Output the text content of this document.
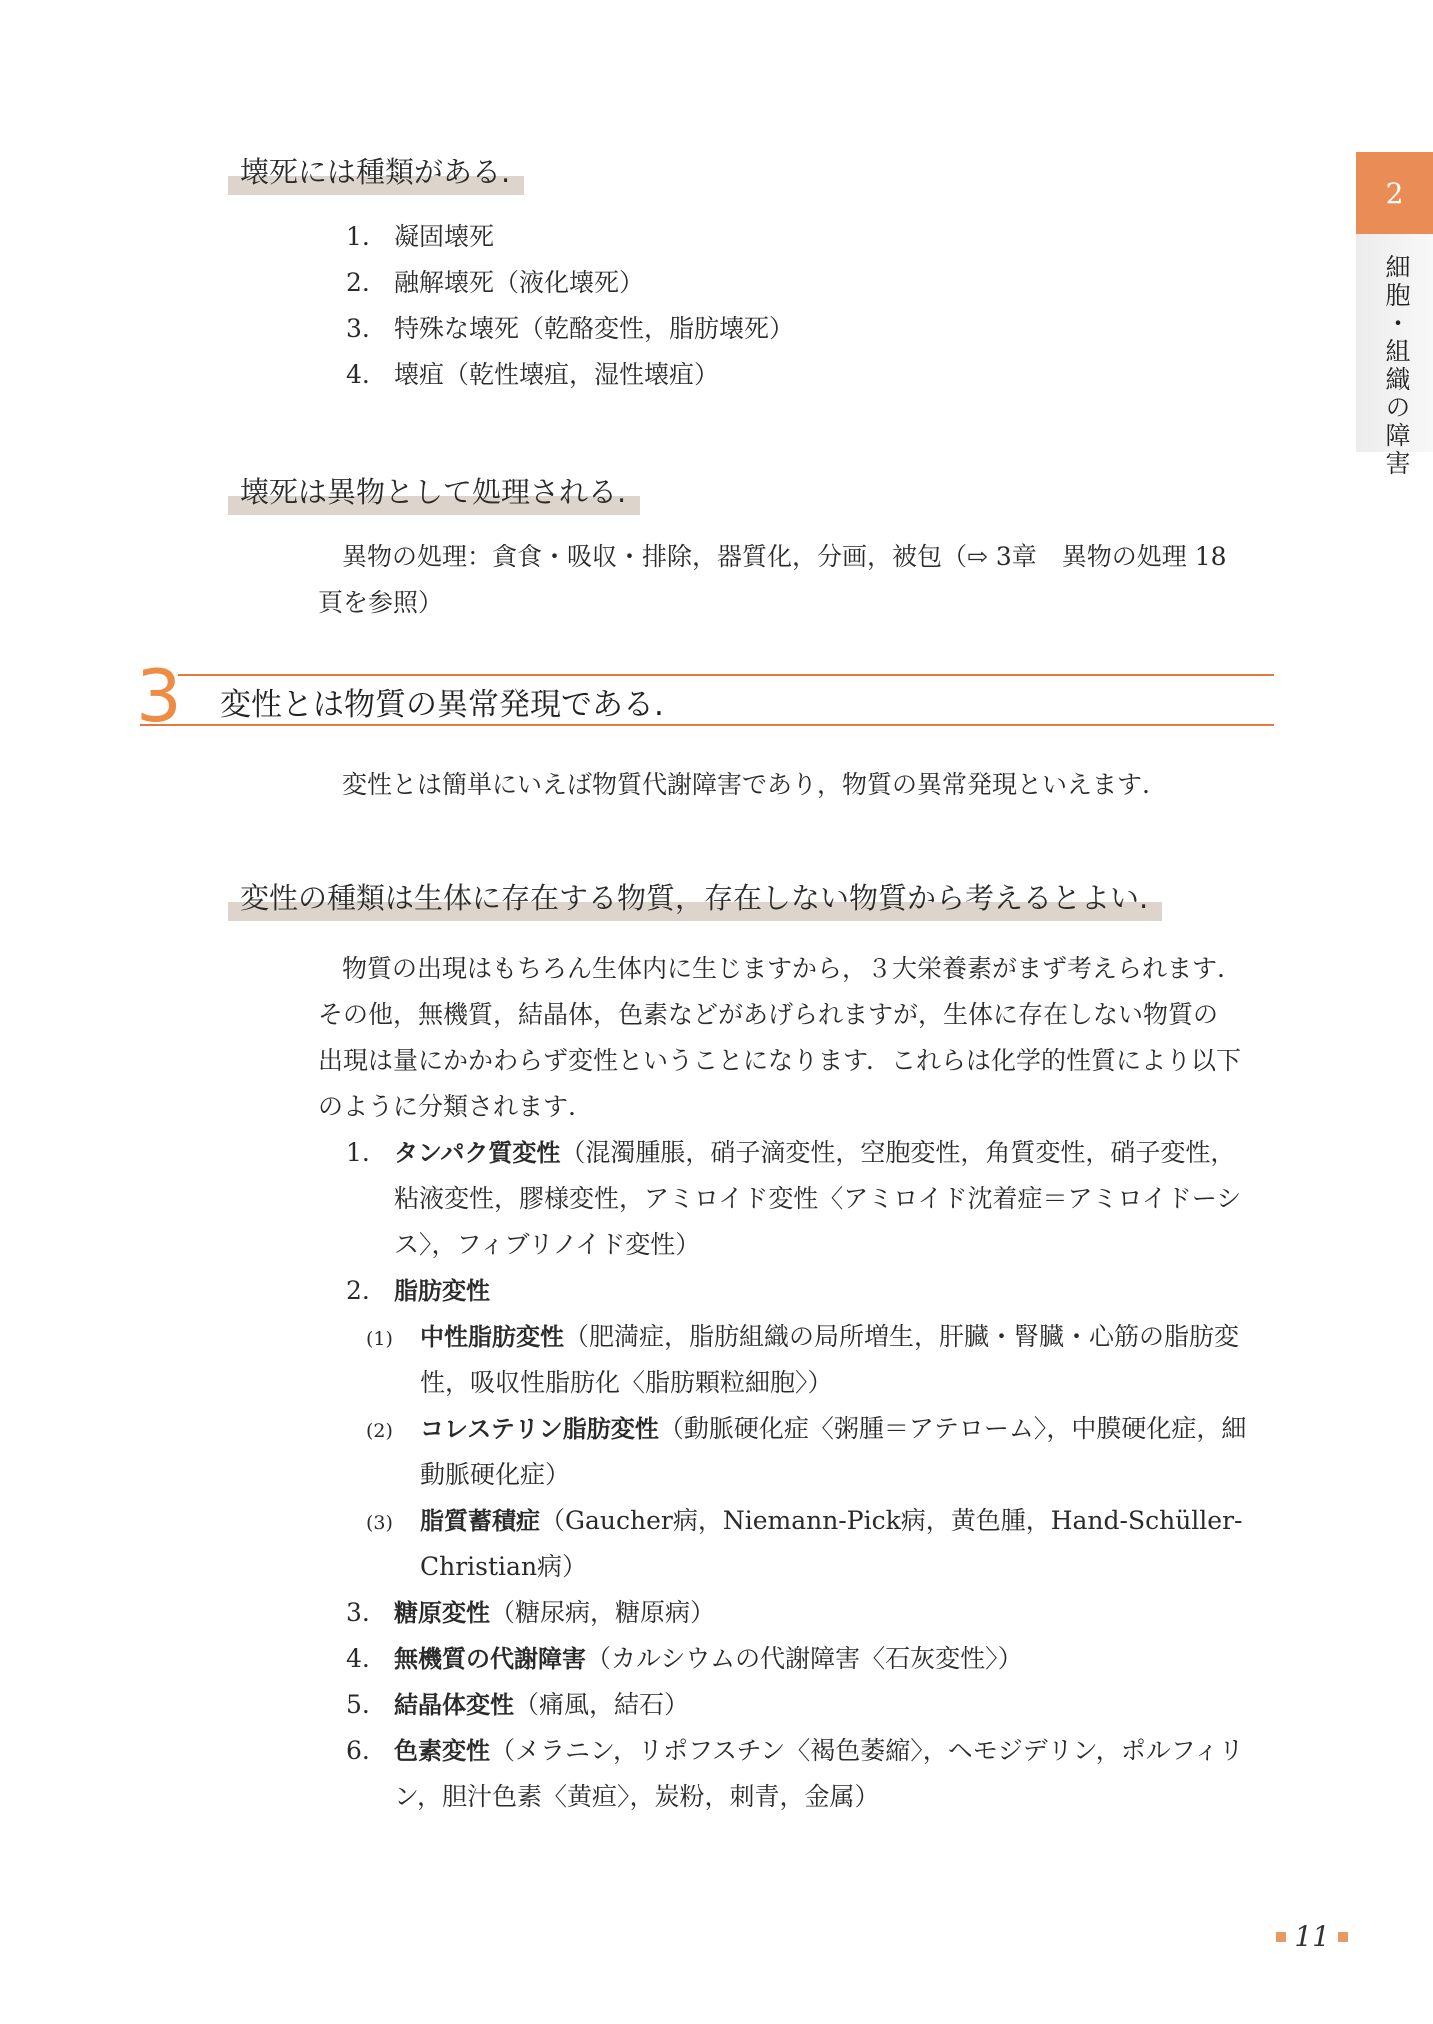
2
細胞・組織の障害
壊死には種類がある.
1. 凝固壊死
2. 融解壊死（液化壊死）
3. 特殊な壊死（乾酪変性，脂肪壊死）
4. 壊疽（乾性壊疽，湿性壊疽）
壊死は異物として処理される.
異物の処理：貪食・吸収・排除，器質化，分画，被包（⇨ 3章　異物の処理 18
頁を参照）
3 変性とは物質の異常発現である.
変性とは簡単にいえば物質代謝障害であり，物質の異常発現といえます.
変性の種類は生体に存在する物質，存在しない物質から考えるとよい.
物質の出現はもちろん生体内に生じますから，３大栄養素がまず考えられます.
その他，無機質，結晶体，色素などがあげられますが，生体に存在しない物質の
出現は量にかかわらず変性ということになります．これらは化学的性質により以下
のように分類されます.
1. タンパク質変性（混濁腫脹，硝子滴変性，空胞変性，角質変性，硝子変性，
粘液変性，膠様変性，アミロイド変性〈アミロイド沈着症＝アミロイドーシ
ス〉，フィブリノイド変性）
2. 脂肪変性
(1) 中性脂肪変性（肥満症，脂肪組織の局所増生，肝臓・腎臓・心筋の脂肪変
性，吸収性脂肪化〈脂肪顆粒細胞〉）
(2) コレステリン脂肪変性（動脈硬化症〈粥腫＝アテローム〉，中膜硬化症，細
動脈硬化症）
(3) 脂質蓄積症（Gaucher病，Niemann-Pick病，黄色腫，Hand-Schüller-
Christian病）
3. 糖原変性（糖尿病，糖原病）
4. 無機質の代謝障害（カルシウムの代謝障害〈石灰変性〉）
5. 結晶体変性（痛風，結石）
6. 色素変性（メラニン，リポフスチン〈褐色萎縮〉，ヘモジデリン，ポルフィリ
ン，胆汁色素〈黄疸〉，炭粉，刺青，金属）
11
